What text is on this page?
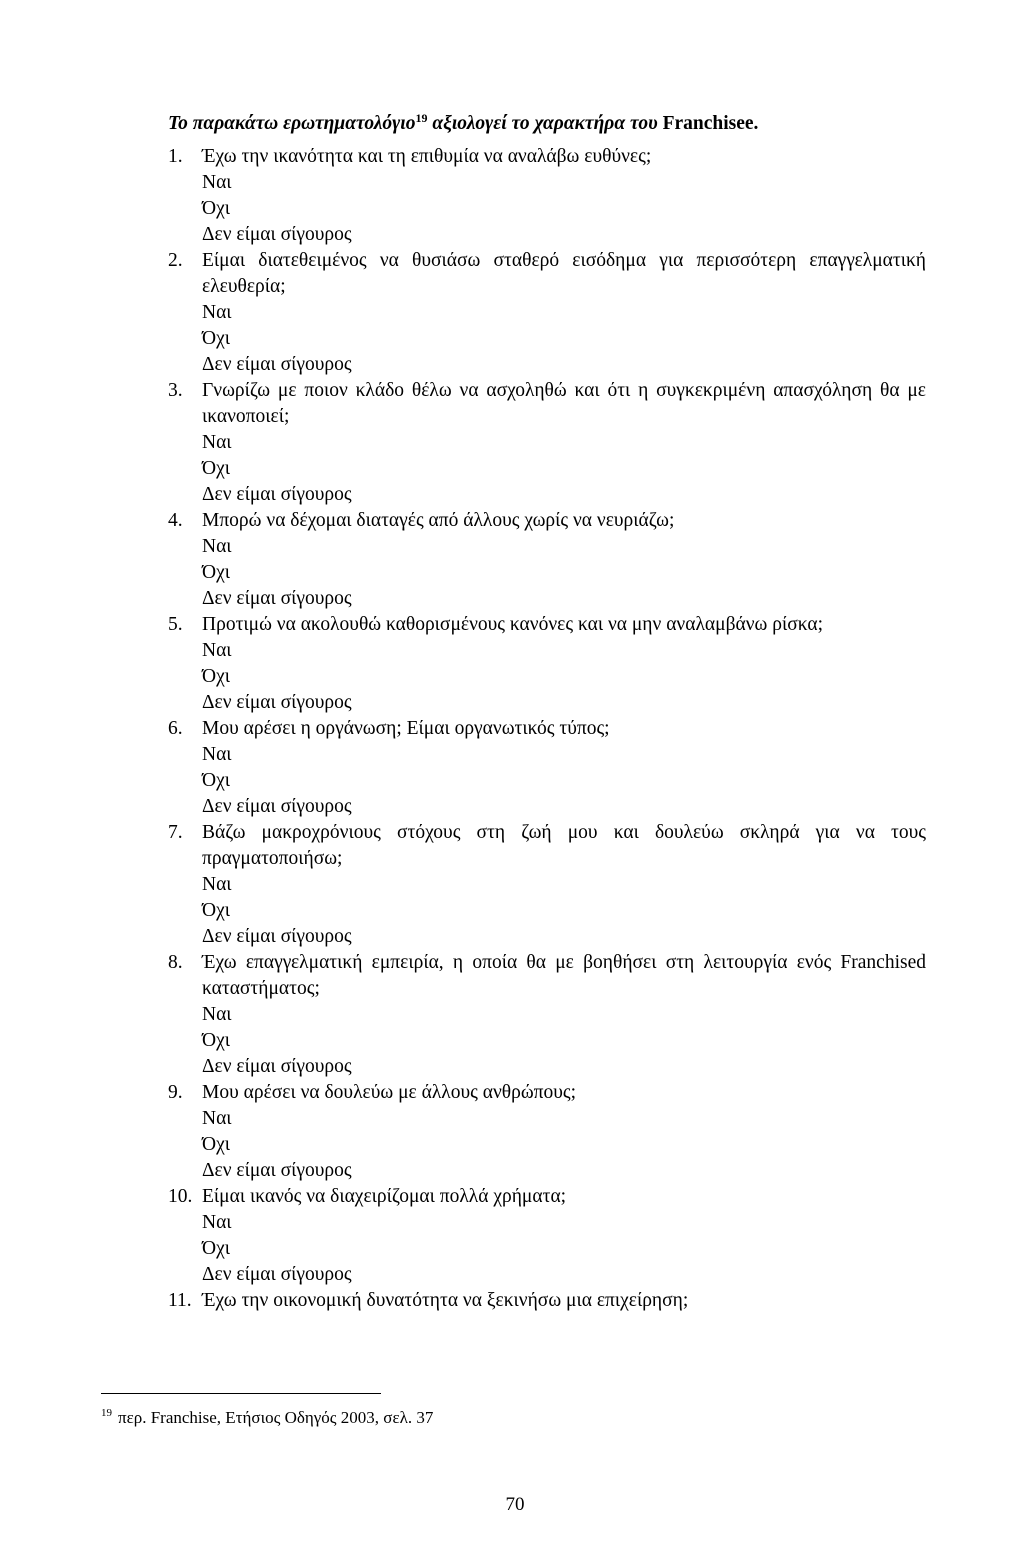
Το παρακάτω ερωτηματολόγιο$^{19}$ αξιολογεί το χαρακτήρα του Franchisee.
1. Έχω την ικανότητα και τη επιθυμία να αναλάβω ευθύνες;
Ναι
Όχι
Δεν είμαι σίγουρος
2. Είμαι διατεθειμένος να θυσιάσω σταθερό εισόδημα για περισσότερη επαγγελματική ελευθερία;
Ναι
Όχι
Δεν είμαι σίγουρος
3. Γνωρίζω με ποιον κλάδο θέλω να ασχοληθώ και ότι η συγκεκριμένη απασχόληση θα με ικανοποιεί;
Ναι
Όχι
Δεν είμαι σίγουρος
4. Μπορώ να δέχομαι διαταγές από άλλους χωρίς να νευριάζω;
Ναι
Όχι
Δεν είμαι σίγουρος
5. Προτιμώ να ακολουθώ καθορισμένους κανόνες και να μην αναλαμβάνω ρίσκα;
Ναι
Όχι
Δεν είμαι σίγουρος
6. Μου αρέσει η οργάνωση; Είμαι οργανωτικός τύπος;
Ναι
Όχι
Δεν είμαι σίγουρος
7. Βάζω μακροχρόνιους στόχους στη ζωή μου και δουλεύω σκληρά για να τους πραγματοποιήσω;
Ναι
Όχι
Δεν είμαι σίγουρος
8. Έχω επαγγελματική εμπειρία, η οποία θα με βοηθήσει στη λειτουργία ενός Franchised καταστήματος;
Ναι
Όχι
Δεν είμαι σίγουρος
9. Μου αρέσει να δουλεύω με άλλους ανθρώπους;
Ναι
Όχι
Δεν είμαι σίγουρος
10. Είμαι ικανός να διαχειρίζομαι πολλά χρήματα;
Ναι
Όχι
Δεν είμαι σίγουρος
11. Έχω την οικονομική δυνατότητα να ξεκινήσω μια επιχείρηση;
$^{19}$ περ. Franchise, Ετήσιος Οδηγός 2003, σελ. 37
70
